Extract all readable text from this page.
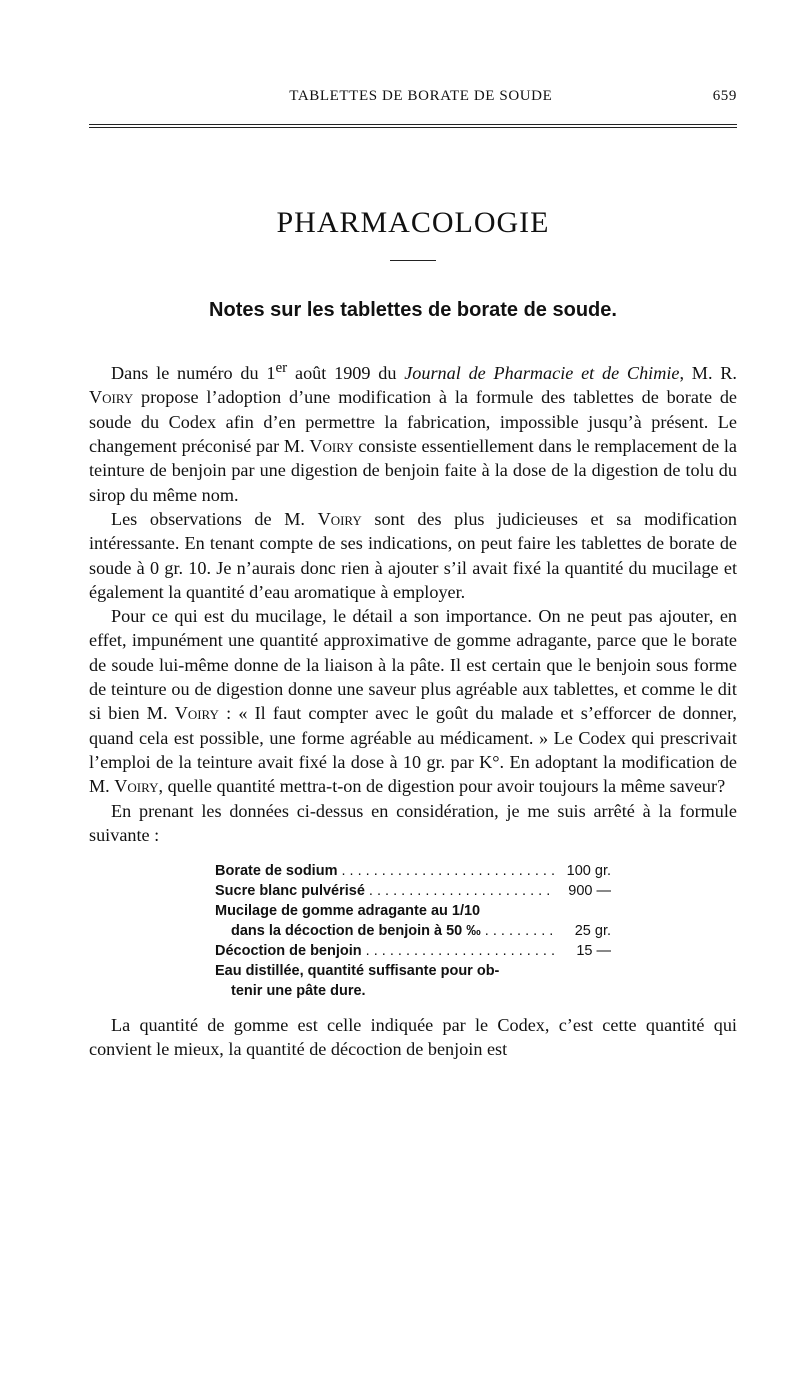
TABLETTES DE BORATE DE SOUDE	659
PHARMACOLOGIE
Notes sur les tablettes de borate de soude.

Dans le numéro du 1er août 1909 du Journal de Pharmacie et de Chimie, M. R. Voiry propose l’adoption d’une modification à la formule des tablettes de borate de soude du Codex afin d’en permettre la fabrication, impossible jusqu’à présent. Le changement préconisé par M. Voiry consiste essentiellement dans le remplacement de la teinture de benjoin par une digestion de benjoin faite à la dose de la digestion de tolu du sirop du même nom.

Les observations de M. Voiry sont des plus judicieuses et sa modification intéressante. En tenant compte de ses indications, on peut faire les tablettes de borate de soude à 0 gr. 10. Je n’aurais donc rien à ajouter s’il avait fixé la quantité du mucilage et également la quantité d’eau aromatique à employer.

Pour ce qui est du mucilage, le détail a son importance. On ne peut pas ajouter, en effet, impunément une quantité approximative de gomme adragante, parce que le borate de soude lui-même donne de la liaison à la pâte. Il est certain que le benjoin sous forme de teinture ou de digestion donne une saveur plus agréable aux tablettes, et comme le dit si bien M. Voiry : « Il faut compter avec le goût du malade et s’efforcer de donner, quand cela est possible, une forme agréable au médicament. » Le Codex qui prescrivait l’emploi de la teinture avait fixé la dose à 10 gr. par K°. En adoptant la modification de M. Voiry, quelle quantité mettra-t-on de digestion pour avoir toujours la même saveur?

En prenant les données ci-dessus en considération, je me suis arrêté à la formule suivante :

Borate de sodium . . .	100 gr.
Sucre blanc pulvérisé . . .	900 —
Mucilage de gomme adragante au 1/10
dans la décoction de benjoin à 50 ‰ . . .	25 gr.
Décoction de benjoin . . .	15 —
Eau distillée, quantité suffisante pour ob-
tenir une pâte dure.

La quantité de gomme est celle indiquée par le Codex, c’est cette quantité qui convient le mieux, la quantité de décoction de benjoin est
